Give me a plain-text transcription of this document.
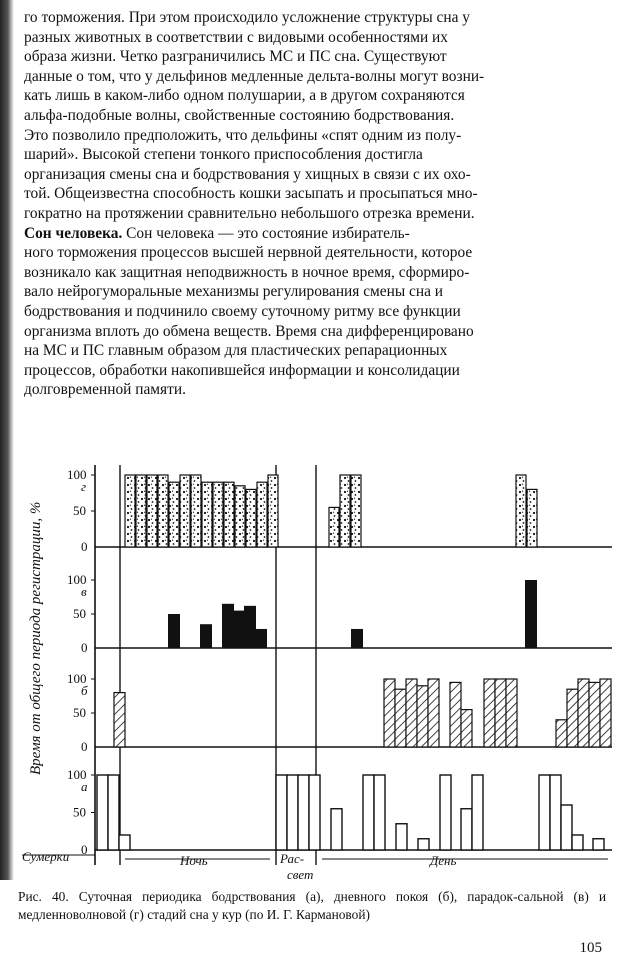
го торможения. При этом происходило усложнение структуры сна у

разных животных в соответствии с видовыми особенностями их

образа жизни. Четко разграничились МС и ПС сна. Существуют

данные о том, что у дельфинов медленные дельта-волны могут возни-

кать лишь в каком-либо одном полушарии, а в другом сохраняются

альфа-подобные волны, свойственные состоянию бодрствования.

Это позволило предположить, что дельфины «спят одним из полу-

шарий». Высокой степени тонкого приспособления достигла

организация смены сна и бодрствования у хищных в связи с их охо-

той. Общеизвестна способность кошки засыпать и просыпаться мно-

гократно на протяжении сравнительно небольшого отрезка времени.

Сон человека. Сон человека — это состояние избиратель-

ного торможения процессов высшей нервной деятельности, которое

возникало как защитная неподвижность в ночное время, сформиро-

вало нейрогуморальные механизмы регулирования смены сна и

бодрствования и подчинило своему суточному ритму все функции

организма вплоть до обмена веществ. Время сна дифференцировано

на МС и ПС главным образом для пластических репарационных

процессов, обработки накопившейся информации и консолидации

долговременной памяти.

Время от общего периода регистрации, %
100
50
0
г
100
50
0
в
100
50
0
б
100
50
0
а
Сумерки	Ночь	Рас-
свет
День

Рис. 40. Суточная периодика бодрствования (а), дневного покоя (б), парадок-сальной (в) и медленноволновой (г) стадий сна у кур (по И. Г. Кармановой)

105
